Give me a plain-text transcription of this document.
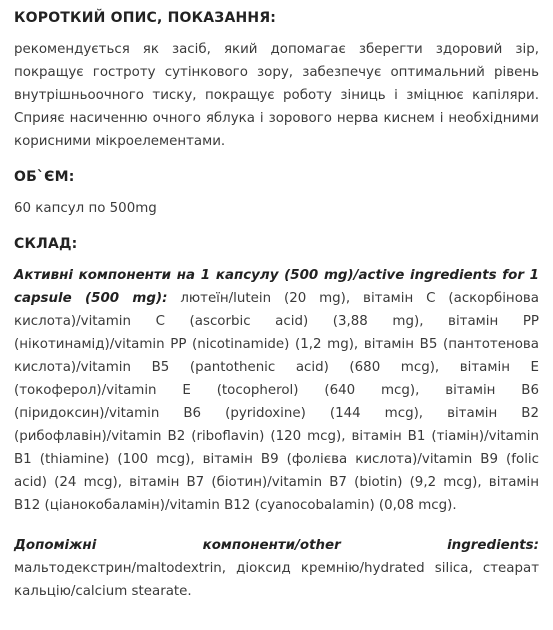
КОРОТКИЙ ОПИС, ПОКАЗАННЯ:

рекомендується як засіб, який допомагає зберегти здоровий зір, покращує гостроту сутінкового зору, забезпечує оптимальний рівень внутрішньоочного тиску, покращує роботу зіниць і зміцнює капіляри. Сприяє насиченню очного яблука і зорового нерва киснем і необхідними корисними мікроелементами.

ОБ`ЄМ:

60 капсул по 500mg

СКЛАД:

Активні компоненти на 1 капсулу (500 mg)/active ingredients for 1 capsule (500 mg): лютеїн/lutein (20 mg), вітамін С (аскорбінова кислота)/vitamin C (ascorbic acid) (3,88 mg), вітамін РР (нікотинамід)/vitamin PP (nicotinamide) (1,2 mg), вітамін В5 (пантотенова кислота)/vitamin B5 (pantothenic acid) (680 mcg), вітамін Е (токоферол)/vitamin E (tocopherol) (640 mcg), вітамін В6 (піридоксин)/vitamin B6 (pyridoxine) (144 mcg), вітамін В2 (рибофлавін)/vitamin B2 (riboflavin) (120 mcg), вітамін В1 (тіамін)/vitamin B1 (thiamine) (100 mcg), вітамін В9 (фолієва кислота)/vitamin B9 (folic acid) (24 mcg), вітамін В7 (біотин)/vitamin B7 (biotin) (9,2 mcg), вітамін В12 (ціанокобаламін)/vitamin B12 (cyanocobalamin) (0,08 mcg).

Допоміжні компоненти/other ingredients: мальтодекстрин/maltodextrin, діоксид кремнію/hydrated silica, стеарат кальцію/calcium stearate.
